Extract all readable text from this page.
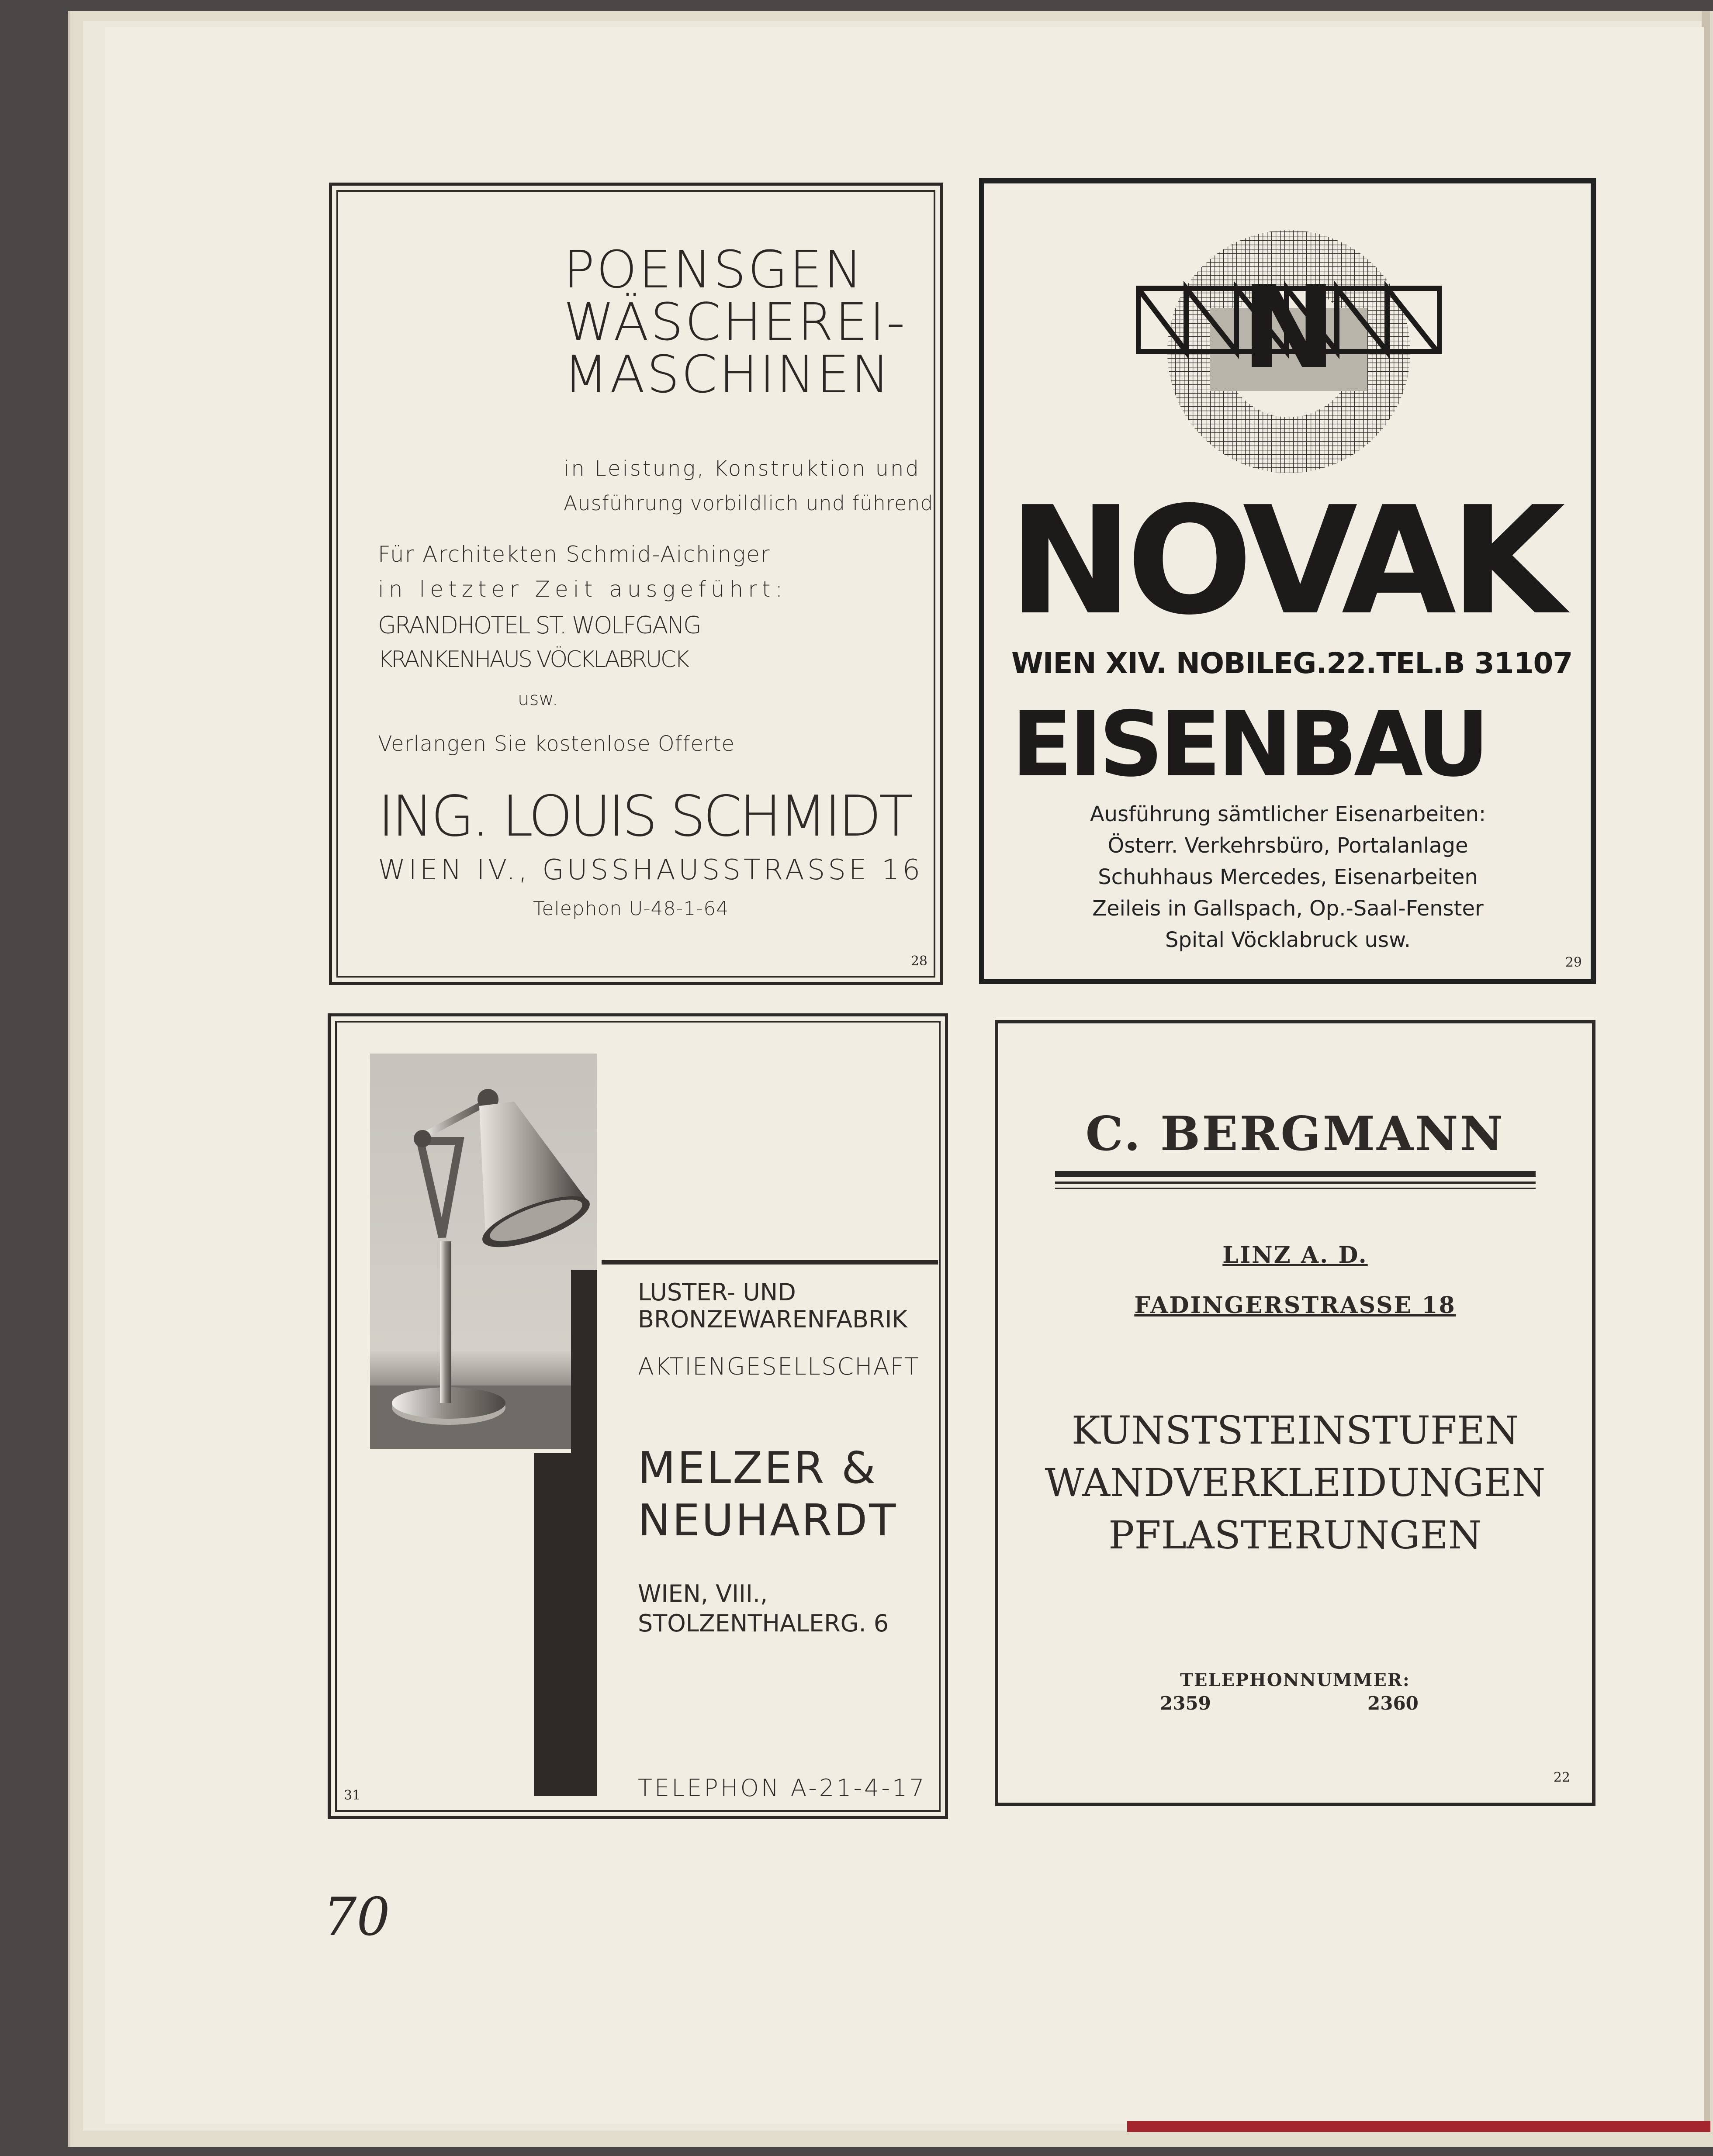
POENSGEN
WÄSCHEREI-
MASCHINEN
in Leistung, Konstruktion und
Ausführung vorbildlich und führend
Für Architekten Schmid-Aichinger
in letzter Zeit ausgeführt:
GRANDHOTEL ST. WOLFGANG
KRANKENHAUS VÖCKLABRUCK
usw.
Verlangen Sie kostenlose Offerte
ING. LOUIS SCHMIDT
WIEN IV., GUSSHAUSSTRASSE 16
Telephon U-48-1-64
28
N
NOVAK
WIEN XIV. NOBILEG.22.TEL.B 31107
EISENBAU
Ausführung sämtlicher Eisenarbeiten:
Österr. Verkehrsbüro, Portalanlage
Schuhhaus Mercedes, Eisenarbeiten
Zeileis in Gallspach, Op.-Saal-Fenster
Spital Vöcklabruck usw.
29
LUSTER- UND
BRONZEWARENFABRIK
AKTIENGESELLSCHAFT
MELZER &
NEUHARDT
WIEN, VIII.,
STOLZENTHALERG. 6
TELEPHON A-21-4-17
31
C. BERGMANN
LINZ A. D.
FADINGERSTRASSE 18
KUNSTSTEINSTUFEN
WANDVERKLEIDUNGEN
PFLASTERUNGEN
TELEPHONNUMMER:
2359	2360
22
70
